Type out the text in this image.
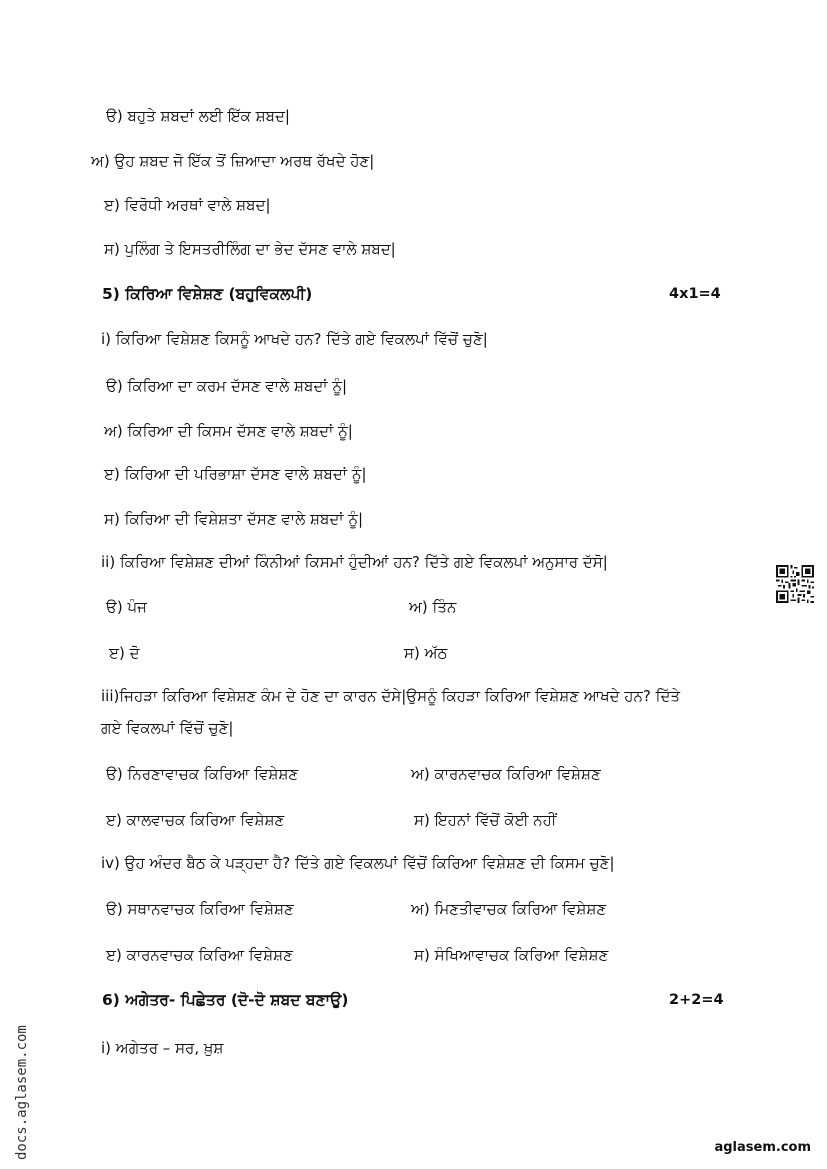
ੳ) ਬਹੁਤੇ ਸ਼ਬਦਾਂ ਲਈ ਇੱਕ ਸ਼ਬਦ|
ਅ) ਉਹ ਸ਼ਬਦ ਜੋ ਇੱਕ ਤੋਂ ਜ਼ਿਆਦਾ ਅਰਥ ਰੱਖਦੇ ਹੋਣ|
ੲ) ਵਿਰੋਧੀ ਅਰਥਾਂ ਵਾਲੇ ਸ਼ਬਦ|
ਸ) ਪੁਲਿੰਗ ਤੇ ਇਸਤਰੀਲਿੰਗ ਦਾ ਭੇਦ ਦੱਸਣ ਵਾਲੇ ਸ਼ਬਦ|
5) ਕਿਰਿਆ ਵਿਸ਼ੇਸ਼ਣ (ਬਹੁਵਿਕਲਪੀ)	4x1=4
i) ਕਿਰਿਆ ਵਿਸ਼ੇਸ਼ਣ ਕਿਸਨੂੰ ਆਖਦੇ ਹਨ? ਦਿੱਤੇ ਗਏ ਵਿਕਲਪਾਂ ਵਿੱਚੋਂ ਚੁਣੋ|
ੳ) ਕਿਰਿਆ ਦਾ ਕਰਮ ਦੱਸਣ ਵਾਲੇ ਸ਼ਬਦਾਂ ਨੂੰ|
ਅ) ਕਿਰਿਆ ਦੀ ਕਿਸਮ ਦੱਸਣ ਵਾਲੇ ਸ਼ਬਦਾਂ ਨੂੰ|
ੲ) ਕਿਰਿਆ ਦੀ ਪਰਿਭਾਸ਼ਾ ਦੱਸਣ ਵਾਲੇ ਸ਼ਬਦਾਂ ਨੂੰ|
ਸ) ਕਿਰਿਆ ਦੀ ਵਿਸ਼ੇਸ਼ਤਾ ਦੱਸਣ ਵਾਲੇ ਸ਼ਬਦਾਂ ਨੂੰ|
ii) ਕਿਰਿਆ ਵਿਸ਼ੇਸ਼ਣ ਦੀਆਂ ਕਿੰਨੀਆਂ ਕਿਸਮਾਂ ਹੁੰਦੀਆਂ ਹਨ? ਦਿੱਤੇ ਗਏ ਵਿਕਲਪਾਂ ਅਨੁਸਾਰ ਦੱਸੋ|
ੳ) ਪੰਜ	ਅ) ਤਿੰਨ
ੲ) ਦੋ	ਸ) ਅੱਠ
iii)ਜਿਹੜਾ ਕਿਰਿਆ ਵਿਸ਼ੇਸ਼ਣ ਕੰਮ ਦੇ ਹੋਣ ਦਾ ਕਾਰਨ ਦੱਸੇ|ਉਸਨੂੰ ਕਿਹੜਾ ਕਿਰਿਆ ਵਿਸ਼ੇਸ਼ਣ ਆਖਦੇ ਹਨ? ਦਿੱਤੇ
ਗਏ ਵਿਕਲਪਾਂ ਵਿੱਚੋਂ ਚੁਣੋ|
ੳ) ਨਿਰਣਾਵਾਚਕ ਕਿਰਿਆ ਵਿਸ਼ੇਸ਼ਣ	ਅ) ਕਾਰਨਵਾਚਕ ਕਿਰਿਆ ਵਿਸ਼ੇਸ਼ਣ
ੲ) ਕਾਲਵਾਚਕ ਕਿਰਿਆ ਵਿਸ਼ੇਸ਼ਣ	ਸ) ਇਹਨਾਂ ਵਿੱਚੋਂ ਕੋਈ ਨਹੀਂ
iv) ਉਹ ਅੰਦਰ ਬੈਠ ਕੇ ਪੜ੍ਹਦਾ ਹੈ? ਦਿੱਤੇ ਗਏ ਵਿਕਲਪਾਂ ਵਿੱਚੋਂ ਕਿਰਿਆ ਵਿਸ਼ੇਸ਼ਣ ਦੀ ਕਿਸਮ ਚੁਣੋ|
ੳ) ਸਥਾਨਵਾਚਕ ਕਿਰਿਆ ਵਿਸ਼ੇਸ਼ਣ	ਅ) ਮਿਣਤੀਵਾਚਕ ਕਿਰਿਆ ਵਿਸ਼ੇਸ਼ਣ
ੲ) ਕਾਰਨਵਾਚਕ ਕਿਰਿਆ ਵਿਸ਼ੇਸ਼ਣ	ਸ) ਸੰਖਿਆਵਾਚਕ ਕਿਰਿਆ ਵਿਸ਼ੇਸ਼ਣ
6) ਅਗੇਤਰ- ਪਿਛੇਤਰ (ਦੋ-ਦੋ ਸ਼ਬਦ ਬਣਾਉ)	2+2=4
i) ਅਗੇਤਰ – ਸਰ, ਖ਼ੁਸ਼
docs.aglasem.com	aglasem.com
